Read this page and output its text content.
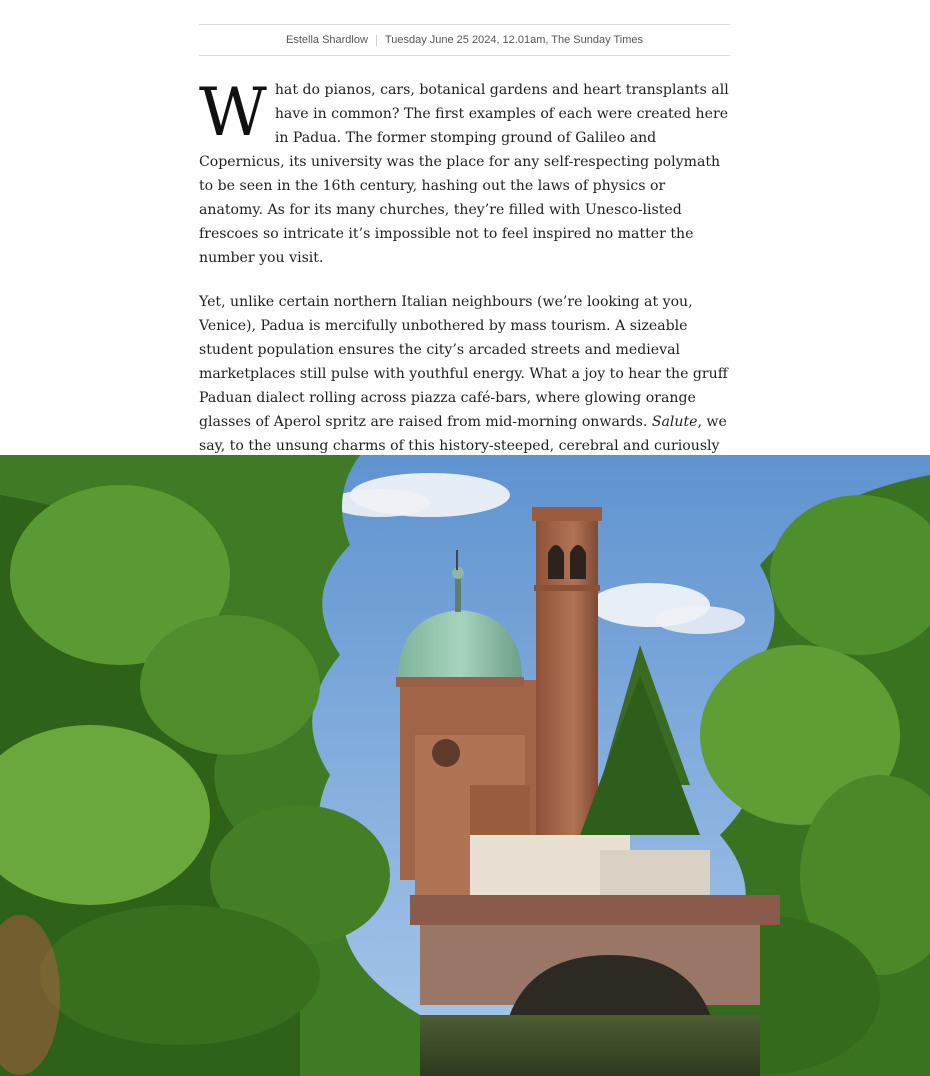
Estella Shardlow Tuesday June 25 2024, 12.01am, The Sunday Times

What do pianos, cars, botanical gardens and heart transplants all have in common? The first examples of each were created here in Padua. The former stomping ground of Galileo and Copernicus, its university was the place for any self-respecting polymath to be seen in the 16th century, hashing out the laws of physics or anatomy. As for its many churches, they’re filled with Unesco-listed frescoes so intricate it’s impossible not to feel inspired no matter the number you visit.

Yet, unlike certain northern Italian neighbours (we’re looking at you, Venice), Padua is mercifully unbothered by mass tourism. A sizeable student population ensures the city’s arcaded streets and medieval marketplaces still pulse with youthful energy. What a joy to hear the gruff Paduan dialect rolling across piazza café-bars, where glowing orange glasses of Aperol spritz are raised from mid-morning onwards. Salute, we say, to the unsung charms of this history-steeped, cerebral and curiously
